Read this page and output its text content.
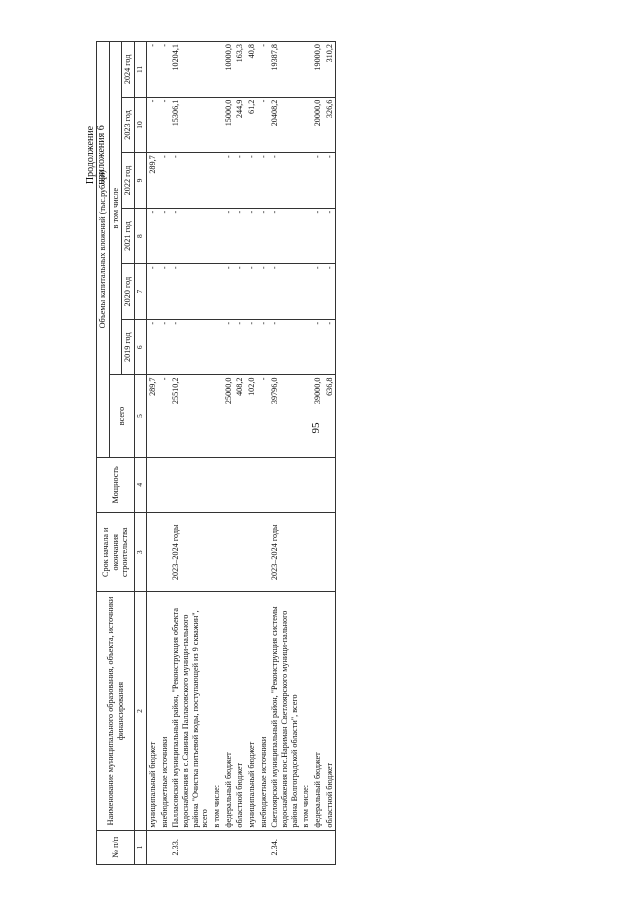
95
Продолжение приложения 6
№ п/п	Наименование муниципального образования, объекта, источники финансирования	Срок начала и окончания строительства	Мощность	Объемы капитальных вложений (тыс.рублей)						
				всего	в том числе					
					2019 год	2020 год	2021 год	2022 год	2023 год	2024 год
1	2	3	4	5	6	7	8	9	10	11
	муниципальный бюджет			289,7	-	-	-	289,7	-	-
	внебюджетные источники			-	-	-	-	-	-	-
2.33.	Палласовский муниципальный район, "Реконструкция объекта водоснабжения в с.Савинка Палласовского муници-пального района "Очистка питьевой воды, поступающей из 9 скважин", всего	2023–2024 годы		25510,2	-	-	-	-	15306,1	10204,1
	в том числе:									
	федеральный бюджет			25000,0	-	-	-	-	15000,0	10000,0
	областной бюджет			408,2	-	-	-	-	244,9	163,3
	муниципальный бюджет			102,0	-	-	-	-	61,2	40,8
	внебюджетные источники			-	-	-	-	-	-	-
2.34.	Светлоярский муниципальный район, "Реконструкция системы водоснабжения пос.Нариман Светлоярского муници-пального района Волгоградской области", всего	2023–2024 годы		39796,0	-	-	-	-	20408,2	19387,8
	в том числе:									
	федеральный бюджет			39000,0	-	-	-	-	20000,0	19000,0
	областной бюджет			636,8	-	-	-	-	326,6	310,2
